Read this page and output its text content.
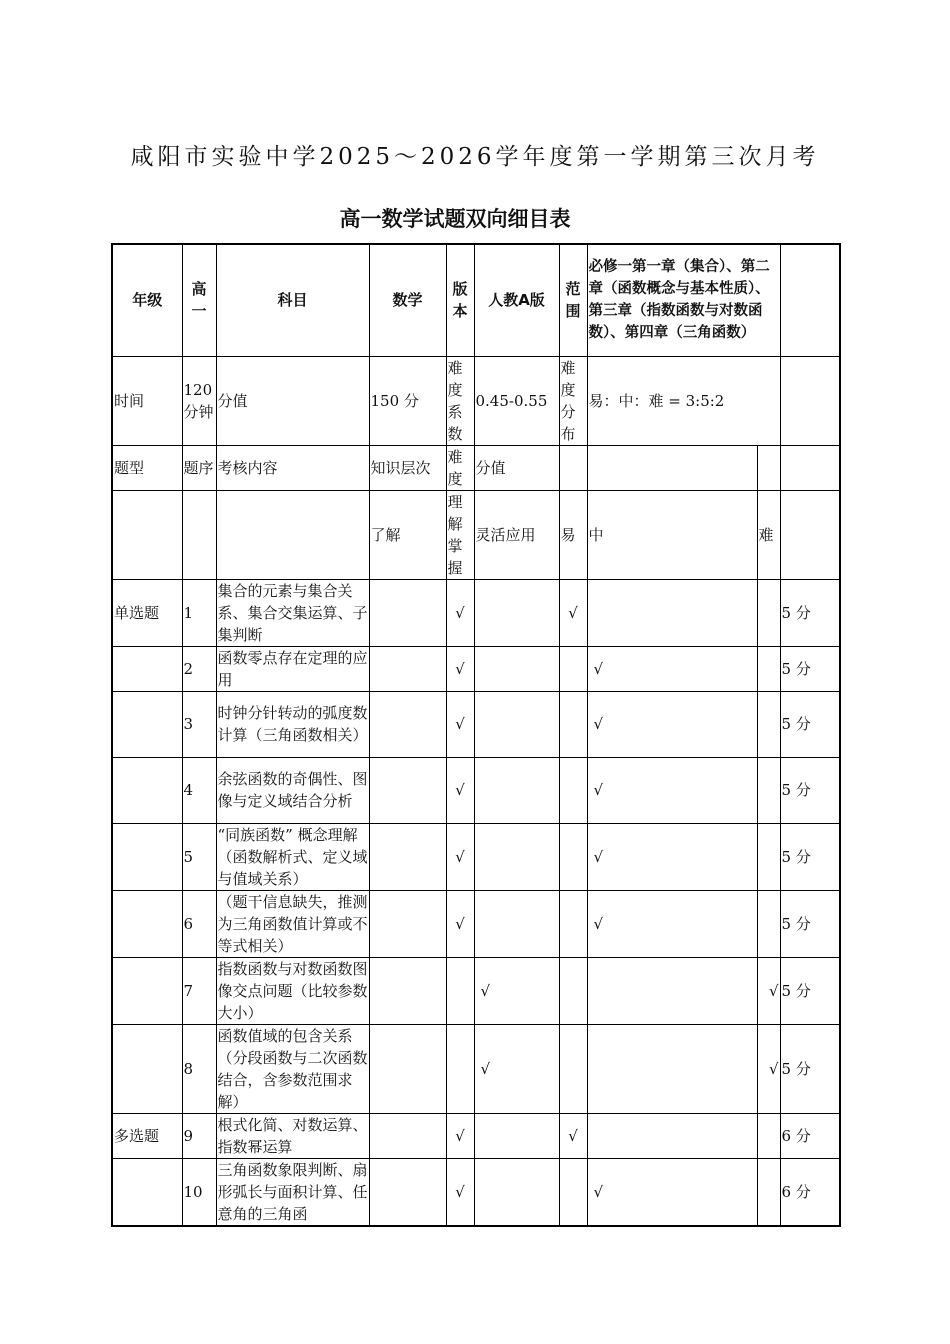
咸阳市实验中学2025～2026学年度第一学期第三次月考
高一数学试题双向细目表
年级	高一	科目	数学	版本	人教A版	范围	必修一第一章（集合）、第二章（函数概念与基本性质）、第三章（指数函数与对数函数）、第四章（三角函数）		
时间	120分钟	分值	150 分	难度系数	0.45-0.55	难度分布	易：中：难 = 3:5:2		
题型	题序	考核内容	知识层次	难度	分值				
			了解	理解掌握	灵活应用	易	中	难	
单选题	1	集合的元素与集合关系、集合交集运算、子集判断		√		√			5 分
	2	函数零点存在定理的应用		√			√		5 分
	3	时钟分针转动的弧度数计算（三角函数相关）		√			√		5 分
	4	余弦函数的奇偶性、图像与定义域结合分析		√			√		5 分
	5	“同族函数” 概念理解（函数解析式、定义域与值域关系）		√			√		5 分
	6	（题干信息缺失，推测为三角函数值计算或不等式相关）		√			√		5 分
	7	指数函数与对数函数图像交点问题（比较参数大小）			√			√	5 分
	8	函数值域的包含关系（分段函数与二次函数结合，含参数范围求解）			√			√	5 分
多选题	9	根式化简、对数运算、指数幂运算		√		√			6 分
	10	三角函数象限判断、扇形弧长与面积计算、任意角的三角函		√			√		6 分
